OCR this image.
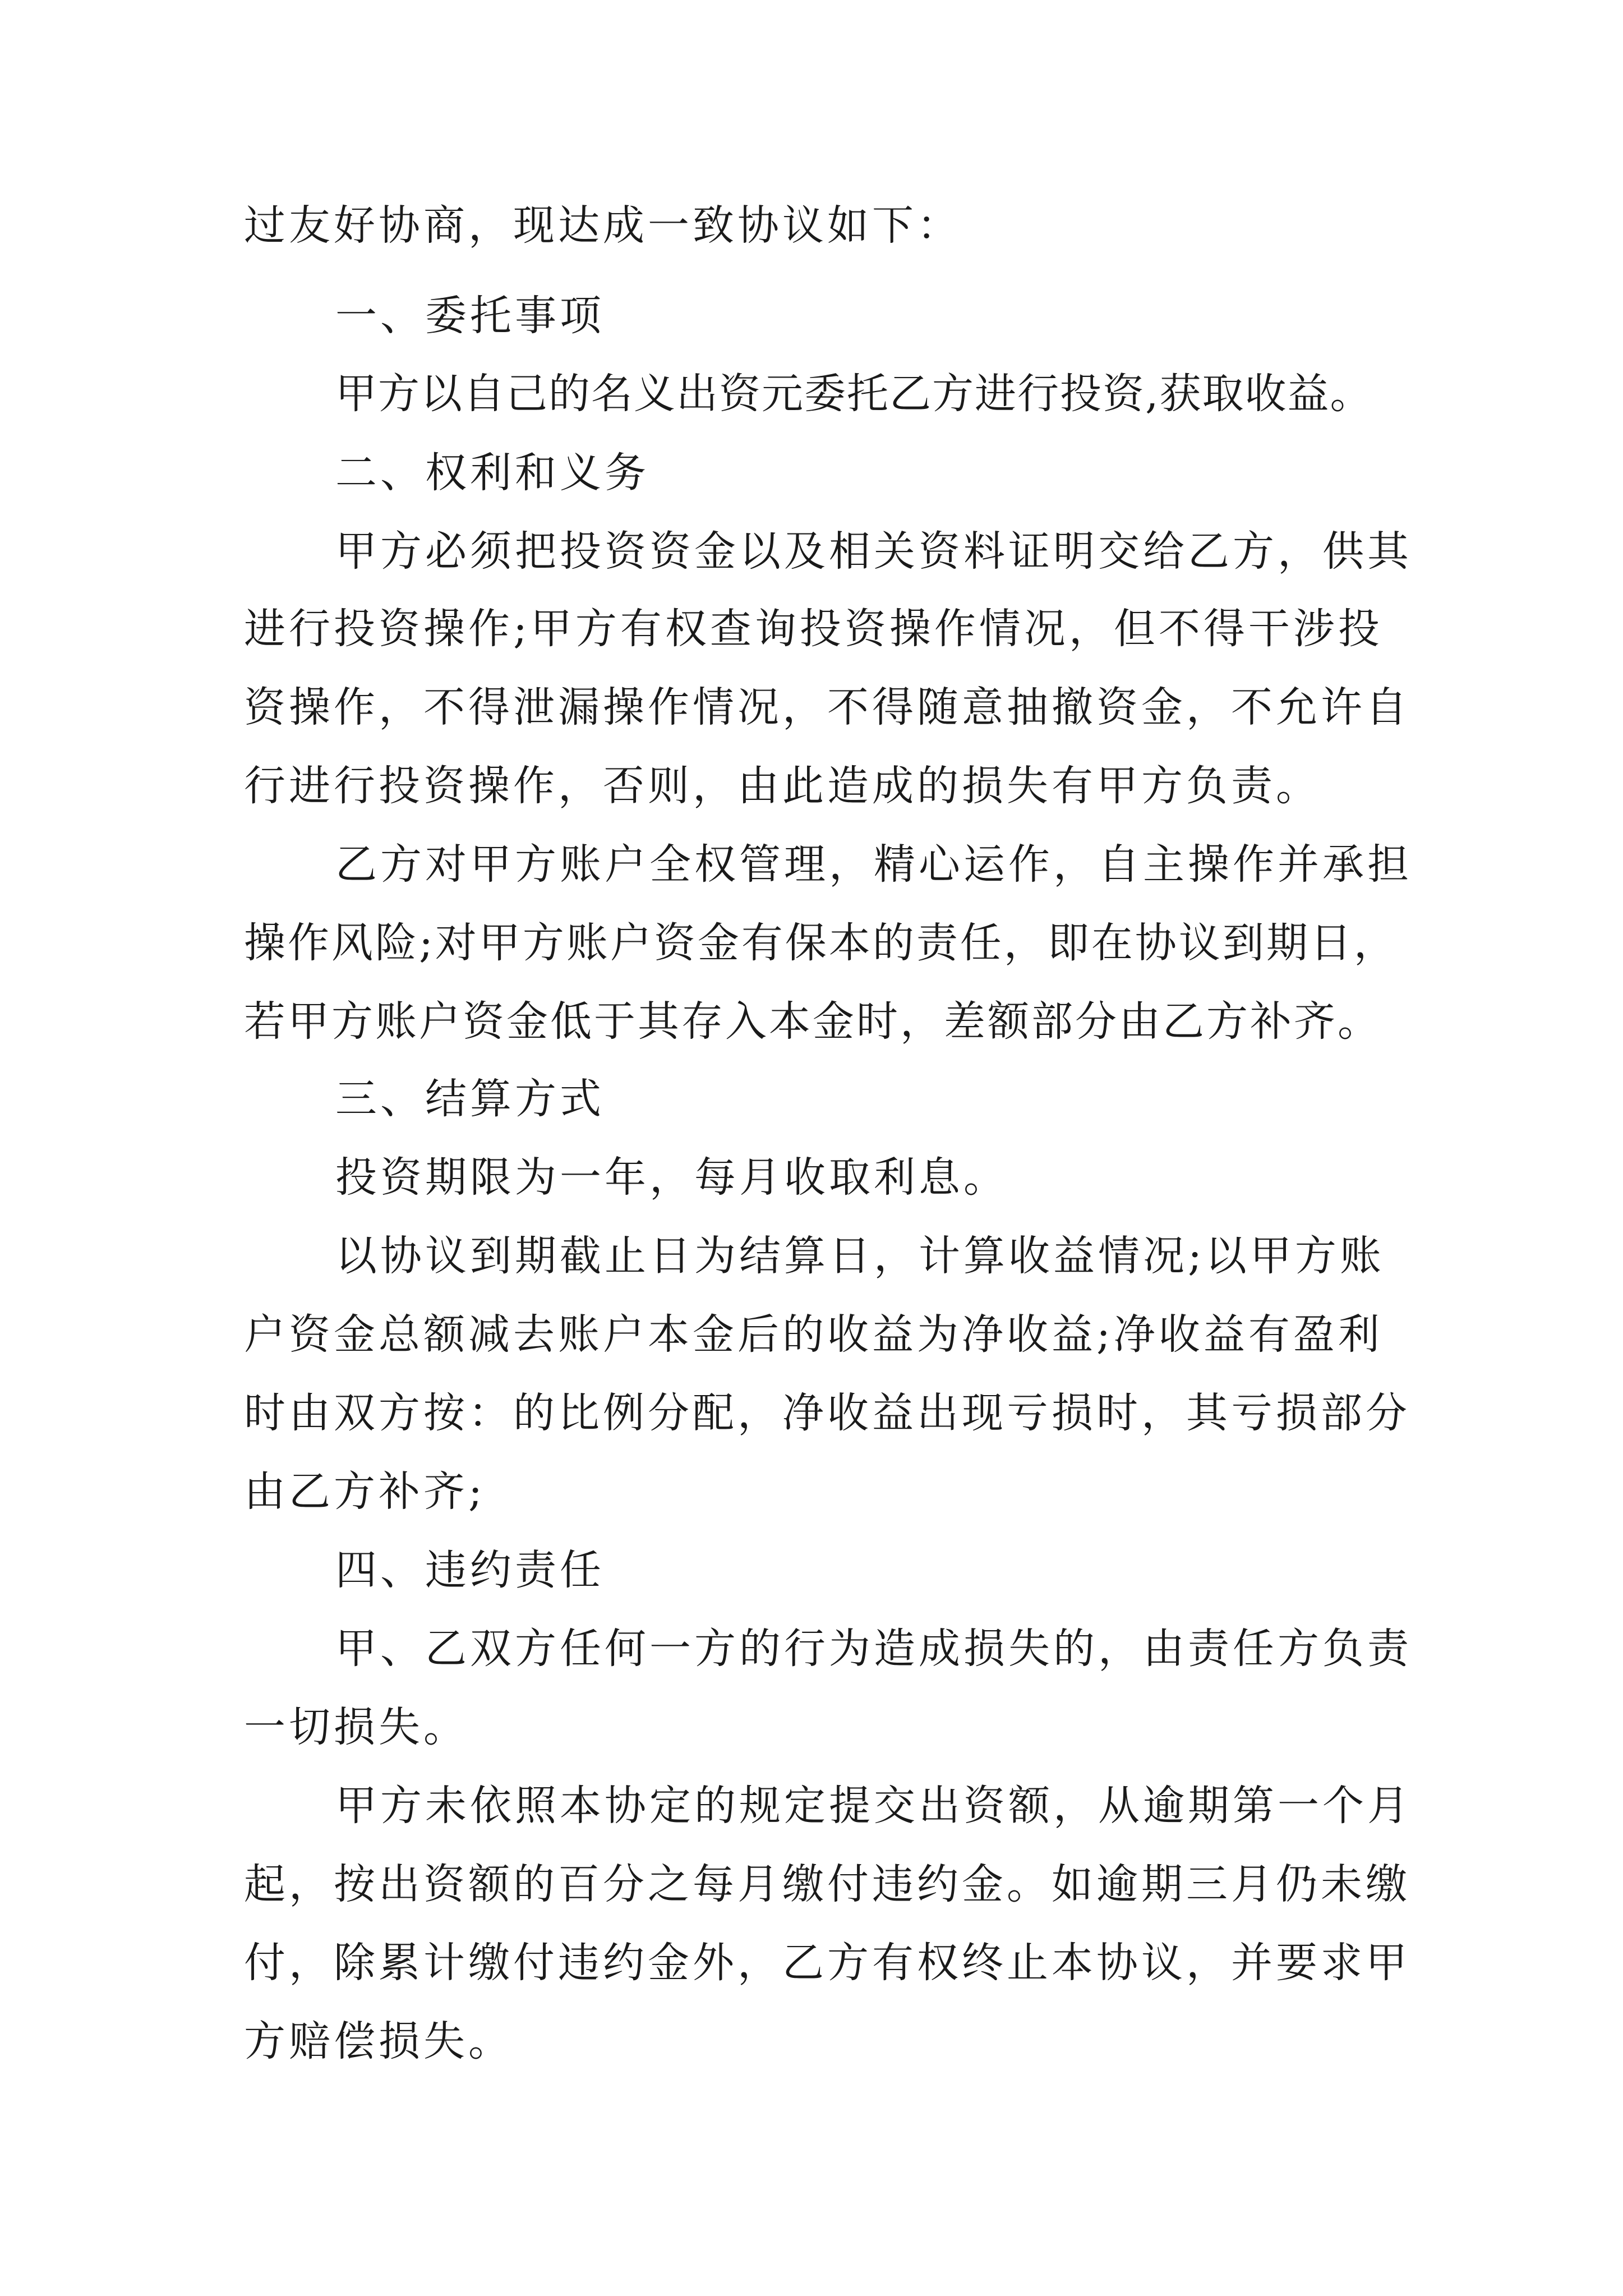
过友好协商，现达成一致协议如下：

一、委托事项

甲方以自己的名义出资元委托乙方进行投资,获取收益。

二、权利和义务

甲方必须把投资资金以及相关资料证明交给乙方，供其

进行投资操作;甲方有权查询投资操作情况，但不得干涉投

资操作，不得泄漏操作情况，不得随意抽撤资金，不允许自

行进行投资操作，否则，由此造成的损失有甲方负责。

乙方对甲方账户全权管理，精心运作，自主操作并承担

操作风险;对甲方账户资金有保本的责任，即在协议到期日，

若甲方账户资金低于其存入本金时，差额部分由乙方补齐。

三、结算方式

投资期限为一年，每月收取利息。

以协议到期截止日为结算日，计算收益情况;以甲方账

户资金总额减去账户本金后的收益为净收益;净收益有盈利

时由双方按：的比例分配，净收益出现亏损时，其亏损部分

由乙方补齐;

四、违约责任

甲、乙双方任何一方的行为造成损失的，由责任方负责

一切损失。

甲方未依照本协定的规定提交出资额，从逾期第一个月

起，按出资额的百分之每月缴付违约金。如逾期三月仍未缴

付，除累计缴付违约金外，乙方有权终止本协议，并要求甲

方赔偿损失。
